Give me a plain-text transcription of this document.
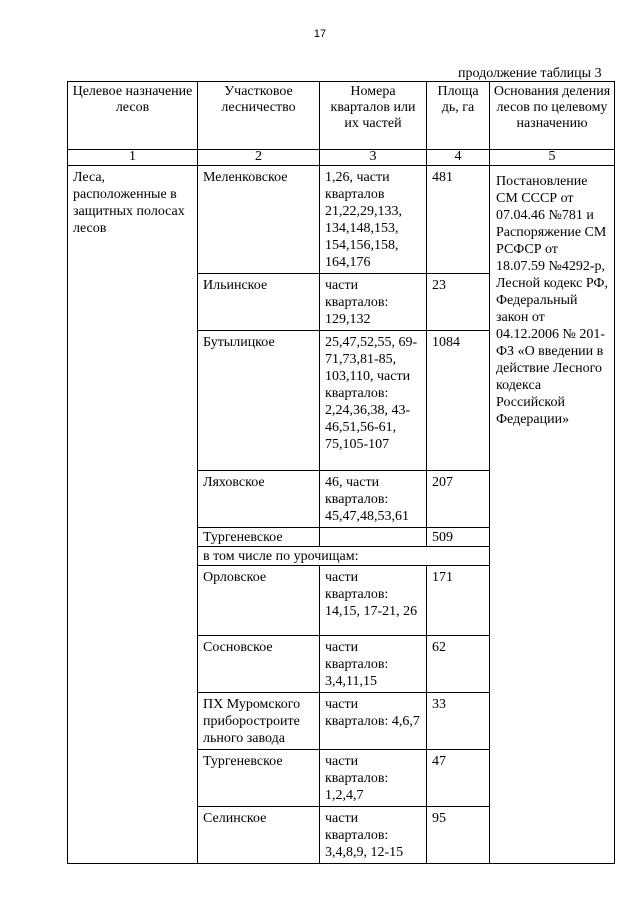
17
продолжение таблицы 3
Целевое назначение лесов	Участковое лесничество	Номера кварталов или их частей	Площа дь, га	Основания деления лесов по целевому назначению
1	2	3	4	5
Леса, расположенные в защитных полосах лесов	Меленковское	1,26, части кварталов 21,22,29,133, 134,148,153, 154,156,158, 164,176	481	Постановление СМ СССР от 07.04.46 №781 и Распоряжение СМ РСФСР от 18.07.59 №4292-р, Лесной кодекс РФ, Федеральный закон от 04.12.2006 № 201-ФЗ «О введении в действие Лесного кодекса Российской Федерации»
	Ильинское	части кварталов: 129,132	23	
	Бутылицкое	25,47,52,55, 69-71,73,81-85, 103,110, части кварталов: 2,24,36,38, 43-46,51,56-61, 75,105-107	1084	
	Ляховское	46, части кварталов: 45,47,48,53,61	207	
	Тургеневское		509	
	в том числе по урочищам:			
	Орловское	части кварталов: 14,15, 17-21, 26	171	
	Сосновское	части кварталов: 3,4,11,15	62	
	ПХ Муромского приборостроите льного завода	части кварталов: 4,6,7	33	
	Тургеневское	части кварталов: 1,2,4,7	47	
	Селинское	части кварталов: 3,4,8,9, 12-15	95	
